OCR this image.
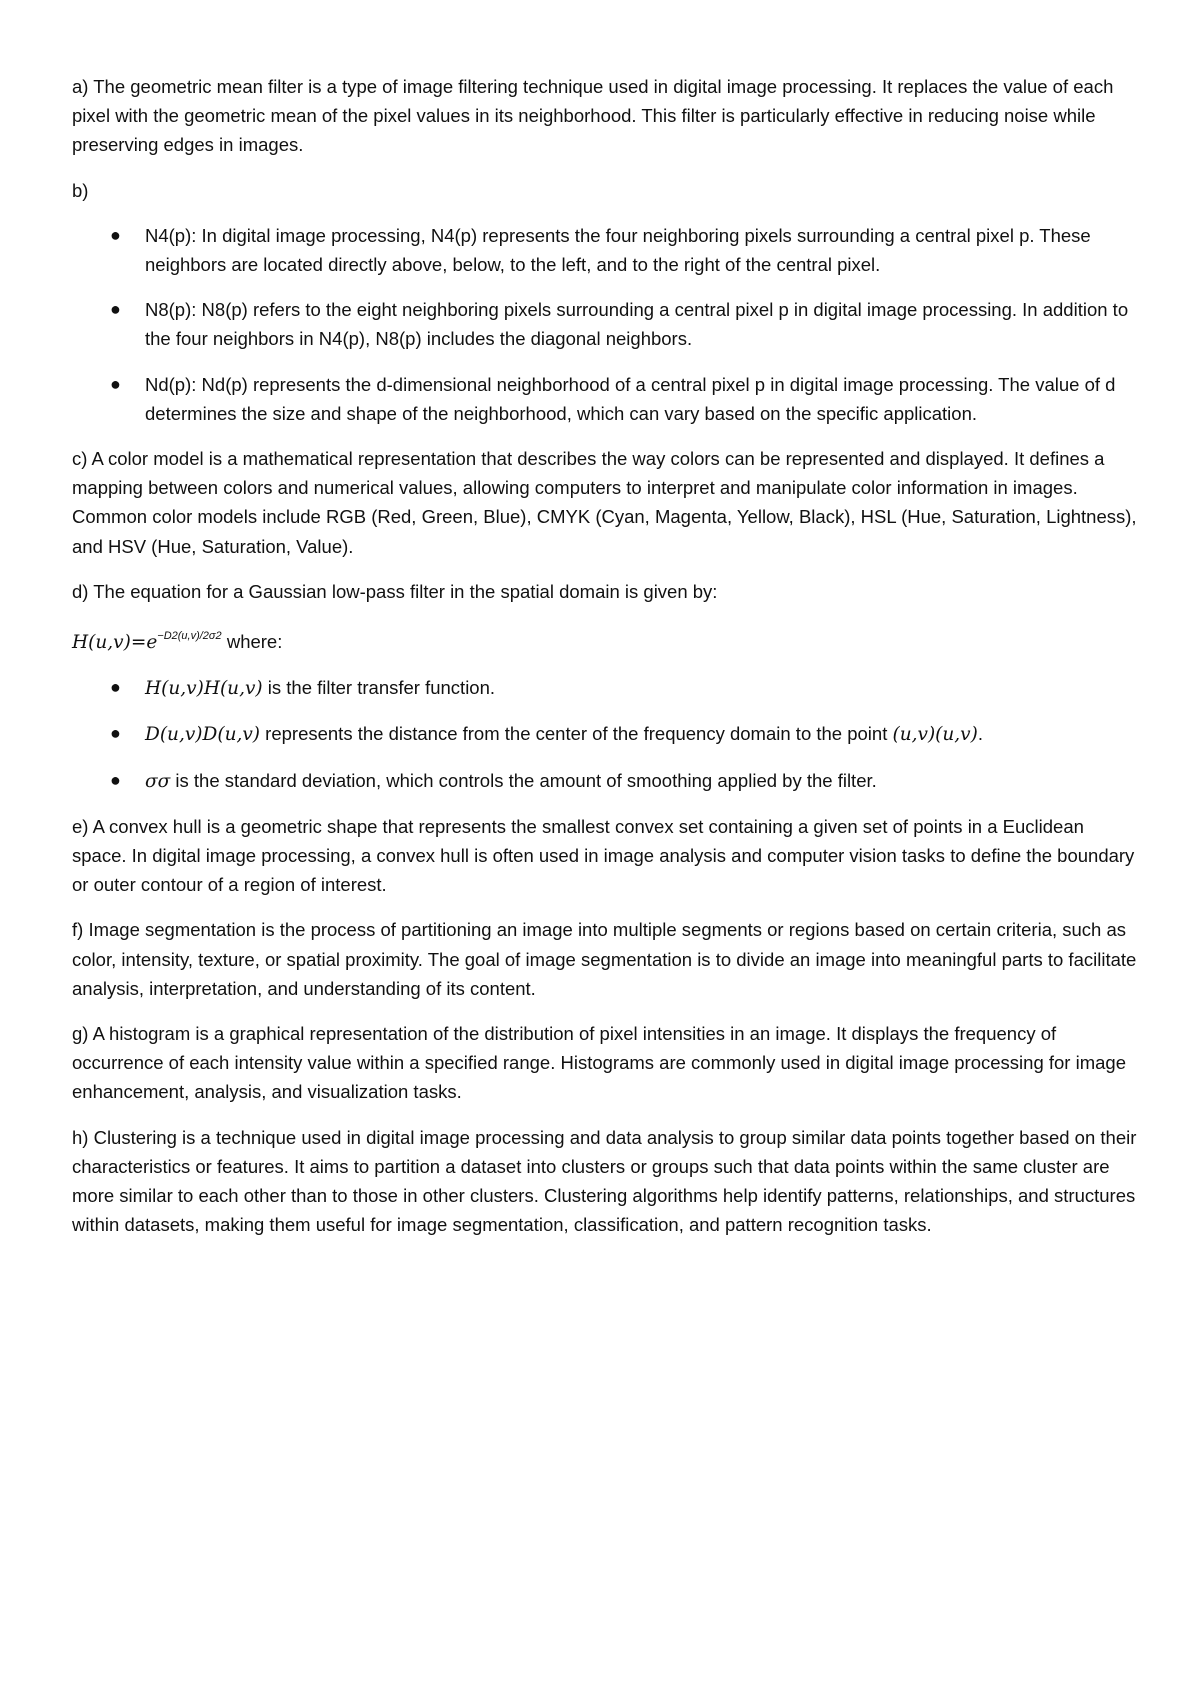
a) The geometric mean filter is a type of image filtering technique used in digital image processing. It replaces the value of each pixel with the geometric mean of the pixel values in its neighborhood. This filter is particularly effective in reducing noise while preserving edges in images.

b)

● N4(p): In digital image processing, N4(p) represents the four neighboring pixels surrounding a central pixel p. These neighbors are located directly above, below, to the left, and to the right of the central pixel.
● N8(p): N8(p) refers to the eight neighboring pixels surrounding a central pixel p in digital image processing. In addition to the four neighbors in N4(p), N8(p) includes the diagonal neighbors.
● Nd(p): Nd(p) represents the d-dimensional neighborhood of a central pixel p in digital image processing. The value of d determines the size and shape of the neighborhood, which can vary based on the specific application.

c) A color model is a mathematical representation that describes the way colors can be represented and displayed. It defines a mapping between colors and numerical values, allowing computers to interpret and manipulate color information in images. Common color models include RGB (Red, Green, Blue), CMYK (Cyan, Magenta, Yellow, Black), HSL (Hue, Saturation, Lightness), and HSV (Hue, Saturation, Value).

d) The equation for a Gaussian low-pass filter in the spatial domain is given by:

$H(u,v)=e^{-D2(u,v)/2\sigma 2}$ where:

● H(u,v)H(u,v) is the filter transfer function.
● D(u,v)D(u,v) represents the distance from the center of the frequency domain to the point (u,v)(u,v).
● σσ is the standard deviation, which controls the amount of smoothing applied by the filter.

e) A convex hull is a geometric shape that represents the smallest convex set containing a given set of points in a Euclidean space. In digital image processing, a convex hull is often used in image analysis and computer vision tasks to define the boundary or outer contour of a region of interest.

f) Image segmentation is the process of partitioning an image into multiple segments or regions based on certain criteria, such as color, intensity, texture, or spatial proximity. The goal of image segmentation is to divide an image into meaningful parts to facilitate analysis, interpretation, and understanding of its content.

g) A histogram is a graphical representation of the distribution of pixel intensities in an image. It displays the frequency of occurrence of each intensity value within a specified range. Histograms are commonly used in digital image processing for image enhancement, analysis, and visualization tasks.

h) Clustering is a technique used in digital image processing and data analysis to group similar data points together based on their characteristics or features. It aims to partition a dataset into clusters or groups such that data points within the same cluster are more similar to each other than to those in other clusters. Clustering algorithms help identify patterns, relationships, and structures within datasets, making them useful for image segmentation, classification, and pattern recognition tasks.
